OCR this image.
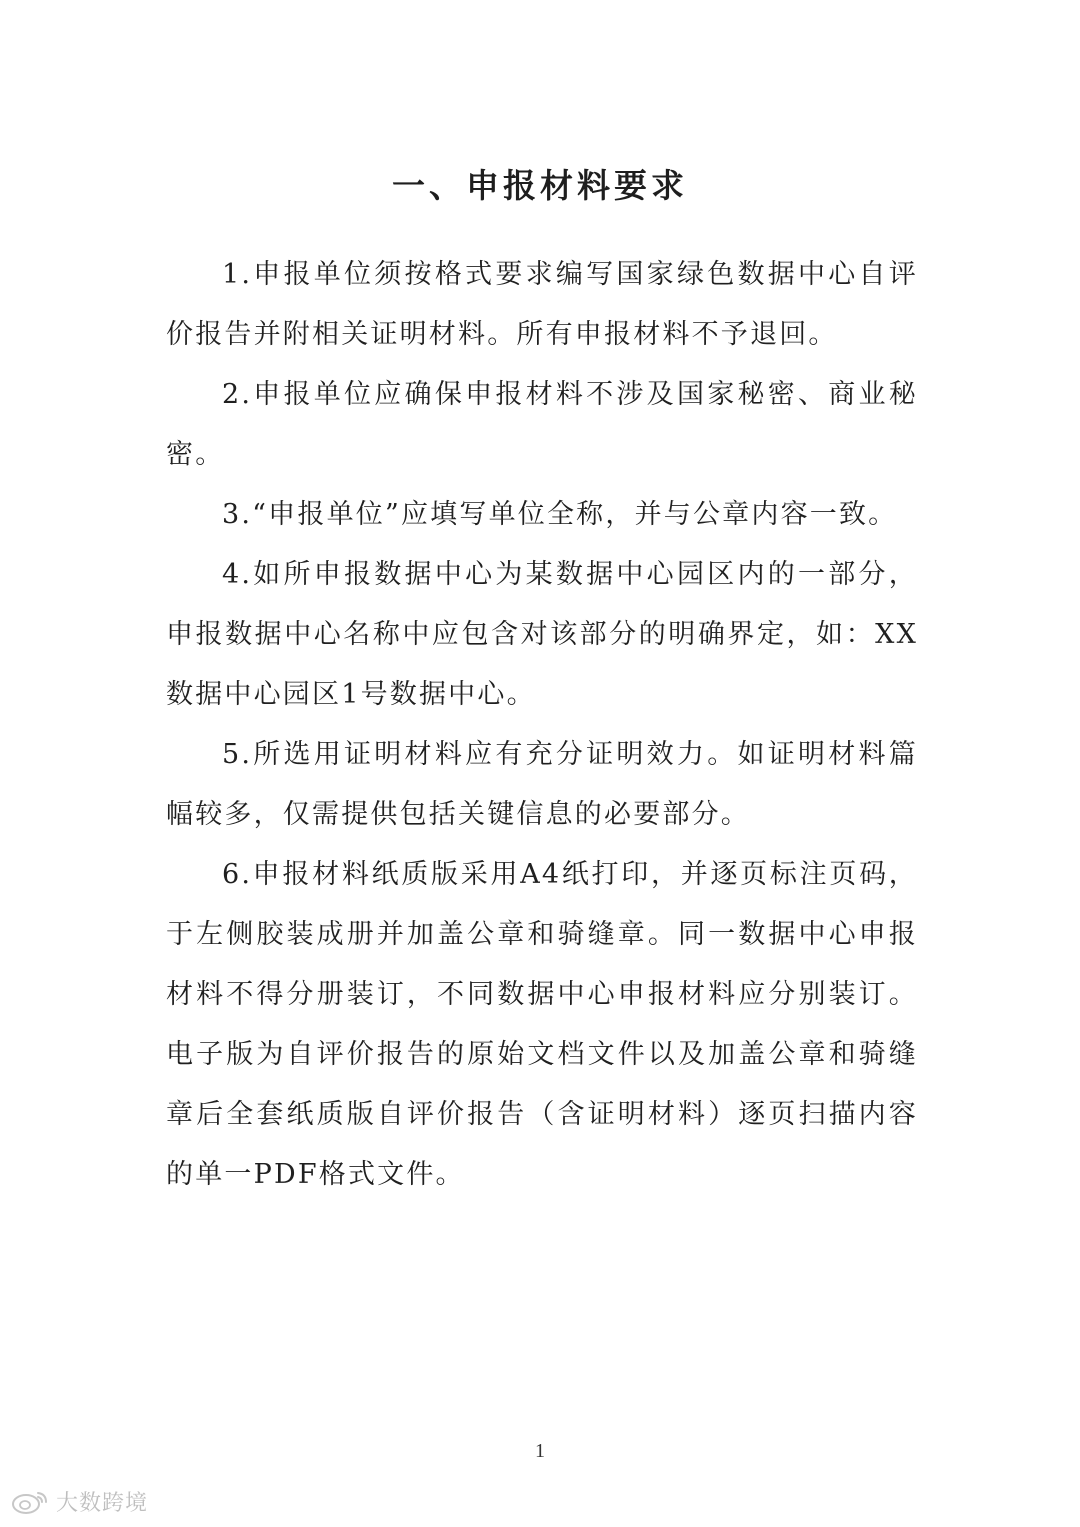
一、申报材料要求

1.申报单位须按格式要求编写国家绿色数据中心自评价报告并附相关证明材料。所有申报材料不予退回。

2.申报单位应确保申报材料不涉及国家秘密、商业秘密。

3.“申报单位”应填写单位全称，并与公章内容一致。

4.如所申报数据中心为某数据中心园区内的一部分，申报数据中心名称中应包含对该部分的明确界定，如：XX数据中心园区1号数据中心。

5.所选用证明材料应有充分证明效力。如证明材料篇幅较多，仅需提供包括关键信息的必要部分。

6.申报材料纸质版采用A4纸打印，并逐页标注页码，于左侧胶装成册并加盖公章和骑缝章。同一数据中心申报材料不得分册装订，不同数据中心申报材料应分别装订。电子版为自评价报告的原始文档文件以及加盖公章和骑缝章后全套纸质版自评价报告（含证明材料）逐页扫描内容的单一PDF格式文件。

1
大数跨境
